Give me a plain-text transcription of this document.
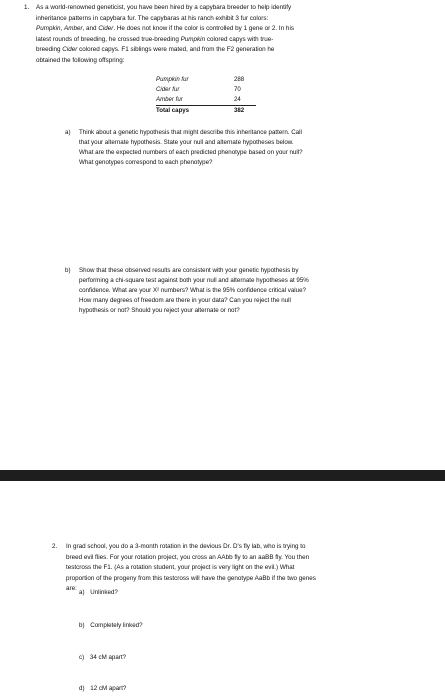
1. As a world-renowned geneticist, you have been hired by a capybara breeder to help identify
inheritance patterns in capybara fur. The capybaras at his ranch exhibit 3 fur colors:
Pumpkin, Amber, and Cider. He does not know if the color is controlled by 1 gene or 2. In his
latest rounds of breeding, he crossed true-breeding Pumpkin colored capys with true-
breeding Cider colored capys. F1 siblings were mated, and from the F2 generation he
obtained the following offspring:
Pumpkin fur	288
Cider fur	70
Amber fur	24
Total capys	382
a) Think about a genetic hypothesis that might describe this inheritance pattern. Call
that your alternate hypothesis. State your null and alternate hypotheses below.
What are the expected numbers of each predicted phenotype based on your null?
What genotypes correspond to each phenotype?
b) Show that these observed results are consistent with your genetic hypothesis by
performing a chi-square test against both your null and alternate hypotheses at 95%
confidence. What are your X² numbers? What is the 95% confidence critical value?
How many degrees of freedom are there in your data? Can you reject the null
hypothesis or not? Should you reject your alternate or not?
2. In grad school, you do a 3-month rotation in the devious Dr. D's fly lab, who is trying to
breed evil flies. For your rotation project, you cross an AAbb fly to an aaBB fly. You then
testcross the F1. (As a rotation student, your project is very light on the evil.) What
proportion of the progeny from this testcross will have the genotype AaBb if the two genes
are:
a) Unlinked?
b) Completely linked?
c) 34 cM apart?
d) 12 cM apart?
